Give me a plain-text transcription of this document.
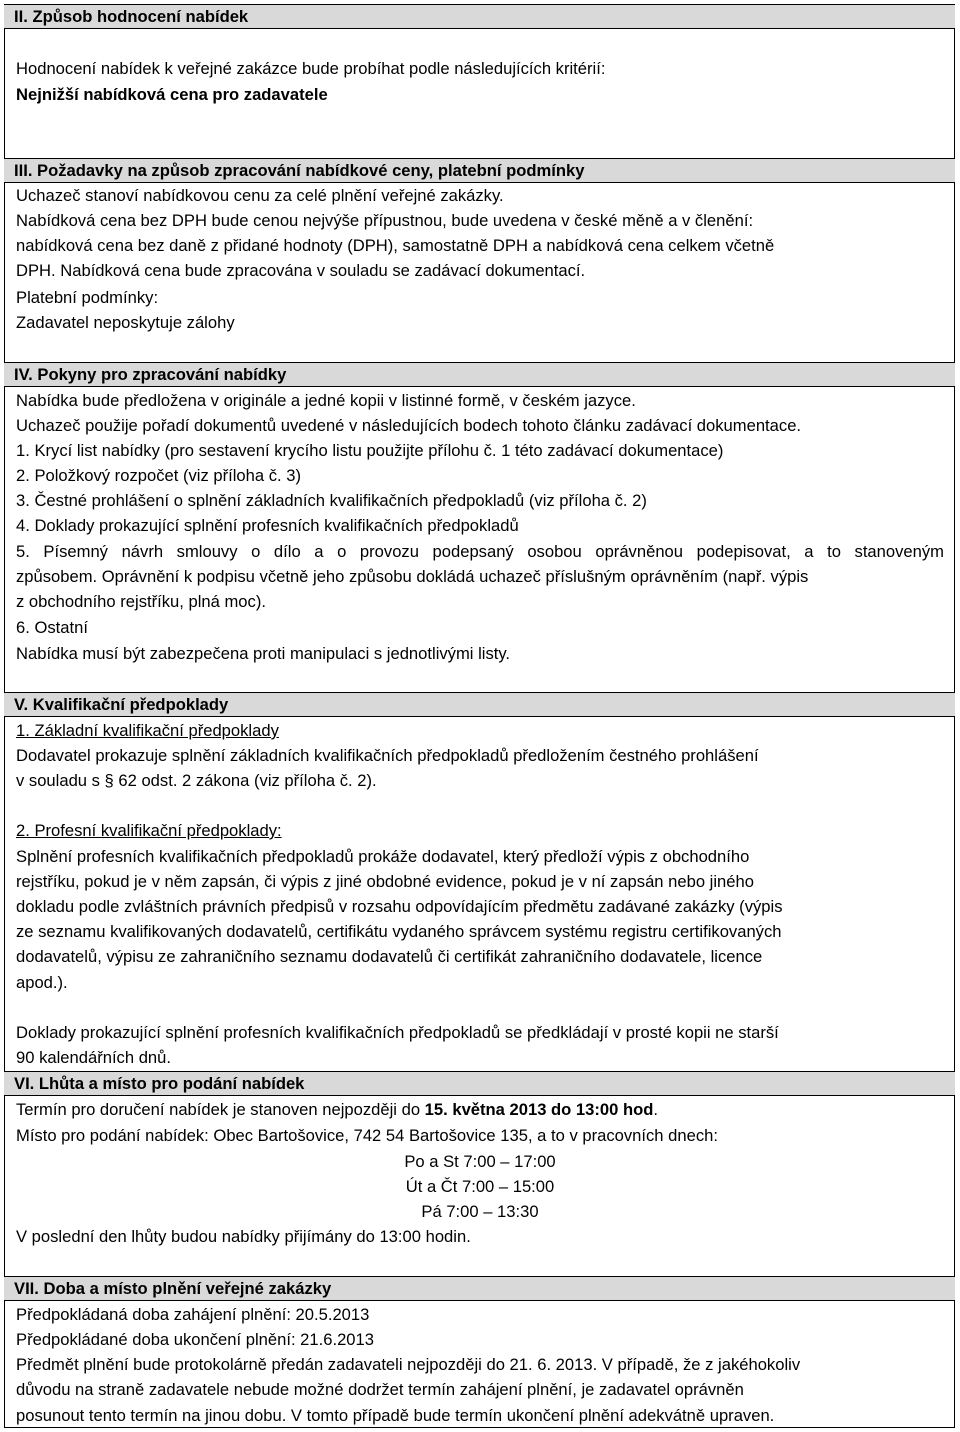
II. Způsob hodnocení nabídek
Hodnocení nabídek k veřejné zakázce bude probíhat podle následujících kritérií:
Nejnižší nabídková cena pro zadavatele
III. Požadavky na způsob zpracování nabídkové ceny, platební podmínky
Uchazeč stanoví nabídkovou cenu za celé plnění veřejné zakázky.
Nabídková cena bez DPH bude cenou nejvýše přípustnou, bude uvedena v české měně a v členění:
nabídková cena bez daně z přidané hodnoty (DPH), samostatně DPH a nabídková cena celkem včetně
DPH. Nabídková cena bude zpracována v souladu se zadávací dokumentací.
Platební podmínky:
Zadavatel neposkytuje zálohy
IV. Pokyny pro zpracování nabídky
Nabídka bude předložena v originále a jedné kopii v listinné formě, v českém jazyce.
Uchazeč použije pořadí dokumentů uvedené v následujících bodech tohoto článku zadávací dokumentace.
1. Krycí list nabídky (pro sestavení krycího listu použijte přílohu č. 1 této zadávací dokumentace)
2. Položkový rozpočet (viz příloha č. 3)
3. Čestné prohlášení o splnění základních kvalifikačních předpokladů (viz příloha č. 2)
4. Doklady prokazující splnění profesních kvalifikačních předpokladů
5. Písemný návrh smlouvy o dílo a o provozu podepsaný osobou oprávněnou podepisovat, a to stanoveným
způsobem. Oprávnění k podpisu včetně jeho způsobu dokládá uchazeč příslušným oprávněním (např. výpis
z obchodního rejstříku, plná moc).
6. Ostatní
Nabídka musí být zabezpečena proti manipulaci s jednotlivými listy.
V. Kvalifikační předpoklady
1. Základní kvalifikační předpoklady
Dodavatel prokazuje splnění základních kvalifikačních předpokladů předložením čestného prohlášení
v souladu s § 62 odst. 2 zákona (viz příloha č. 2).
2. Profesní kvalifikační předpoklady:
Splnění profesních kvalifikačních předpokladů prokáže dodavatel, který předloží výpis z obchodního
rejstříku, pokud je v něm zapsán, či výpis z jiné obdobné evidence, pokud je v ní zapsán nebo jiného
dokladu podle zvláštních právních předpisů v rozsahu odpovídajícím předmětu zadávané zakázky (výpis
ze seznamu kvalifikovaných dodavatelů, certifikátu vydaného správcem systému registru certifikovaných
dodavatelů, výpisu ze zahraničního seznamu dodavatelů či certifikát zahraničního dodavatele, licence
apod.).
Doklady prokazující splnění profesních kvalifikačních předpokladů se předkládají v prosté kopii ne starší
90 kalendářních dnů.
VI. Lhůta a místo pro podání nabídek
Termín pro doručení nabídek je stanoven nejpozději do 15. května 2013 do 13:00 hod.
Místo pro podání nabídek: Obec Bartošovice, 742 54 Bartošovice 135, a to v pracovních dnech:
Po a St 7:00 – 17:00
Út a Čt 7:00 – 15:00
Pá 7:00 – 13:30
V poslední den lhůty budou nabídky přijímány do 13:00 hodin.
VII. Doba a místo plnění veřejné zakázky
Předpokládaná doba zahájení plnění: 20.5.2013
Předpokládané doba ukončení plnění: 21.6.2013
Předmět plnění bude protokolárně předán zadavateli nejpozději do 21. 6. 2013. V případě, že z jakéhokoliv
důvodu na straně zadavatele nebude možné dodržet termín zahájení plnění, je zadavatel oprávněn
posunout tento termín na jinou dobu. V tomto případě bude termín ukončení plnění adekvátně upraven.
